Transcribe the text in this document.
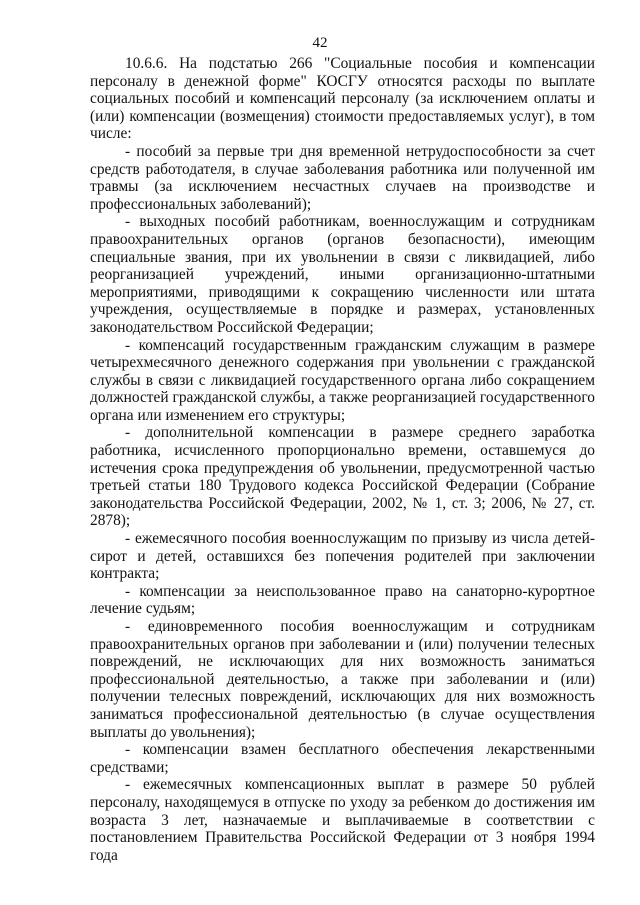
42

10.6.6. На подстатью 266 "Социальные пособия и компенсации персоналу в денежной форме" КОСГУ относятся расходы по выплате социальных пособий и компенсаций персоналу (за исключением оплаты и (или) компенсации (возмещения) стоимости предоставляемых услуг), в том числе:

- пособий за первые три дня временной нетрудоспособности за счет средств работодателя, в случае заболевания работника или полученной им травмы (за исключением несчастных случаев на производстве и профессиональных заболеваний);

- выходных пособий работникам, военнослужащим и сотрудникам правоохранительных органов (органов безопасности), имеющим специальные звания, при их увольнении в связи с ликвидацией, либо реорганизацией учреждений, иными организационно-штатными мероприятиями, приводящими к сокращению численности или штата учреждения, осуществляемые в порядке и размерах, установленных законодательством Российской Федерации;

- компенсаций государственным гражданским служащим в размере четырехмесячного денежного содержания при увольнении с гражданской службы в связи с ликвидацией государственного органа либо сокращением должностей гражданской службы, а также реорганизацией государственного органа или изменением его структуры;

- дополнительной компенсации в размере среднего заработка работника, исчисленного пропорционально времени, оставшемуся до истечения срока предупреждения об увольнении, предусмотренной частью третьей статьи 180 Трудового кодекса Российской Федерации (Собрание законодательства Российской Федерации, 2002, № 1, ст. 3; 2006, № 27, ст. 2878);

- ежемесячного пособия военнослужащим по призыву из числа детей-сирот и детей, оставшихся без попечения родителей при заключении контракта;

- компенсации за неиспользованное право на санаторно-курортное лечение судьям;

- единовременного пособия военнослужащим и сотрудникам правоохранительных органов при заболевании и (или) получении телесных повреждений, не исключающих для них возможность заниматься профессиональной деятельностью, а также при заболевании и (или) получении телесных повреждений, исключающих для них возможность заниматься профессиональной деятельностью (в случае осуществления выплаты до увольнения);

- компенсации взамен бесплатного обеспечения лекарственными средствами;

- ежемесячных компенсационных выплат в размере 50 рублей персоналу, находящемуся в отпуске по уходу за ребенком до достижения им возраста 3 лет, назначаемые и выплачиваемые в соответствии с постановлением Правительства Российской Федерации от 3 ноября 1994 года
